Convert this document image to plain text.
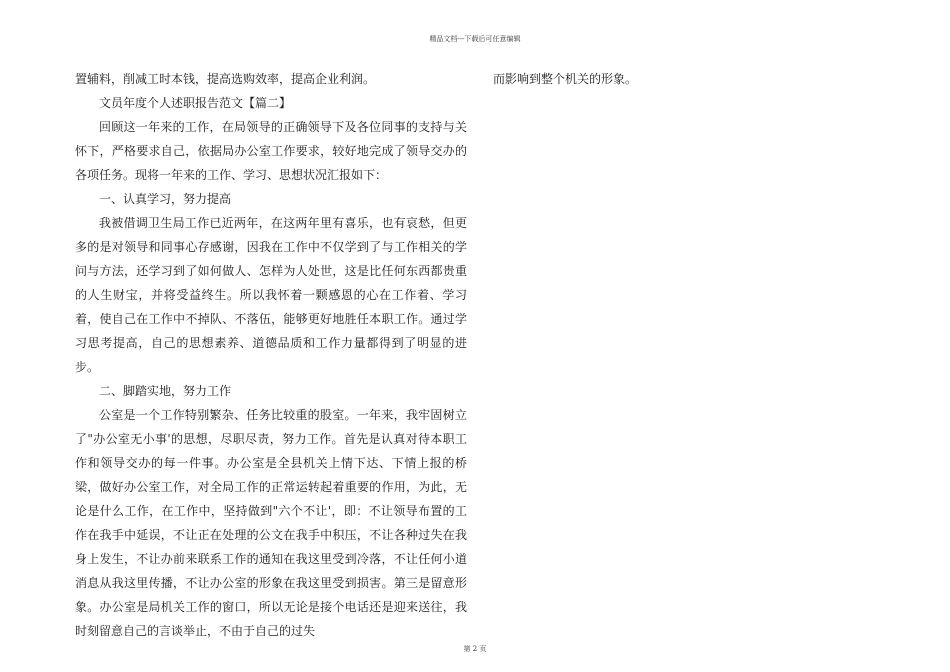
精品文档---下载后可任意编辑

置辅料，削减工时本钱，提高选购效率，提高企业利润。

文员年度个人述职报告范文【篇二】

回顾这一年来的工作，在局领导的正确领导下及各位同事的支持与关怀下，严格要求自己，依据局办公室工作要求，较好地完成了领导交办的各项任务。现将一年来的工作、学习、思想状况汇报如下：

一、认真学习，努力提高

我被借调卫生局工作已近两年，在这两年里有喜乐，也有哀愁，但更多的是对领导和同事心存感谢，因我在工作中不仅学到了与工作相关的学问与方法，还学习到了如何做人、怎样为人处世，这是比任何东西都贵重的人生财宝，并将受益终生。所以我怀着一颗感恩的心在工作着、学习着，使自己在工作中不掉队、不落伍，能够更好地胜任本职工作。通过学习思考提高，自己的思想素养、道德品质和工作力量都得到了明显的进步。

二、脚踏实地，努力工作

公室是一个工作特别繁杂、任务比较重的股室。一年来，我牢固树立了"办公室无小事'的思想，尽职尽责，努力工作。首先是认真对待本职工作和领导交办的每一件事。办公室是全县机关上情下达、下情上报的桥梁，做好办公室工作，对全局工作的正常运转起着重要的作用，为此，无论是什么工作，在工作中，坚持做到"六个不让'，即：不让领导布置的工作在我手中延误，不让正在处理的公文在我手中积压，不让各种过失在我身上发生，不让办前来联系工作的通知在我这里受到冷落，不让任何小道消息从我这里传播，不让办公室的形象在我这里受到损害。第三是留意形象。办公室是局机关工作的窗口，所以无论是接个电话还是迎来送往，我时刻留意自己的言谈举止，不由于自己的过失

而影响到整个机关的形象。

第 2 页
